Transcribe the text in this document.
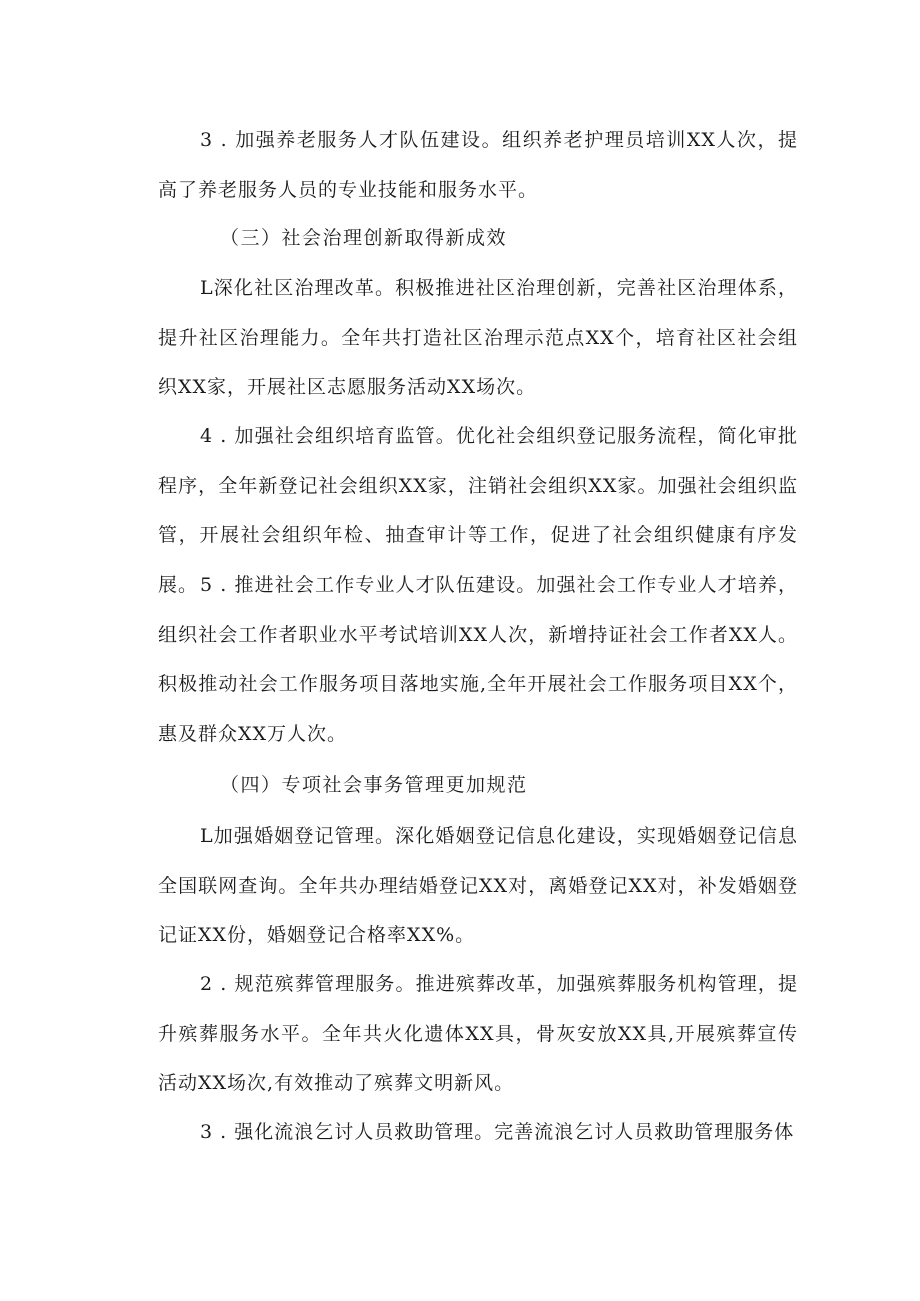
3 . 加强养老服务人才队伍建设。组织养老护理员培训XX人次，提高了养老服务人员的专业技能和服务水平。

（三）社会治理创新取得新成效

L深化社区治理改革。积极推进社区治理创新，完善社区治理体系，提升社区治理能力。全年共打造社区治理示范点XX个，培育社区社会组织XX家，开展社区志愿服务活动XX场次。

4 . 加强社会组织培育监管。优化社会组织登记服务流程，简化审批程序，全年新登记社会组织XX家，注销社会组织XX家。加强社会组织监管，开展社会组织年检、抽查审计等工作，促进了社会组织健康有序发展。 5 . 推进社会工作专业人才队伍建设。加强社会工作专业人才培养，组织社会工作者职业水平考试培训XX人次，新增持证社会工作者XX人。积极推动社会工作服务项目落地实施,全年开展社会工作服务项目XX个，惠及群众XX万人次。

（四）专项社会事务管理更加规范

L加强婚姻登记管理。深化婚姻登记信息化建设，实现婚姻登记信息全国联网查询。全年共办理结婚登记XX对，离婚登记XX对，补发婚姻登记证XX份，婚姻登记合格率XX%。

2 . 规范殡葬管理服务。推进殡葬改革，加强殡葬服务机构管理，提升殡葬服务水平。全年共火化遗体XX具，骨灰安放XX具,开展殡葬宣传活动XX场次,有效推动了殡葬文明新风。

3 . 强化流浪乞讨人员救助管理。完善流浪乞讨人员救助管理服务体
